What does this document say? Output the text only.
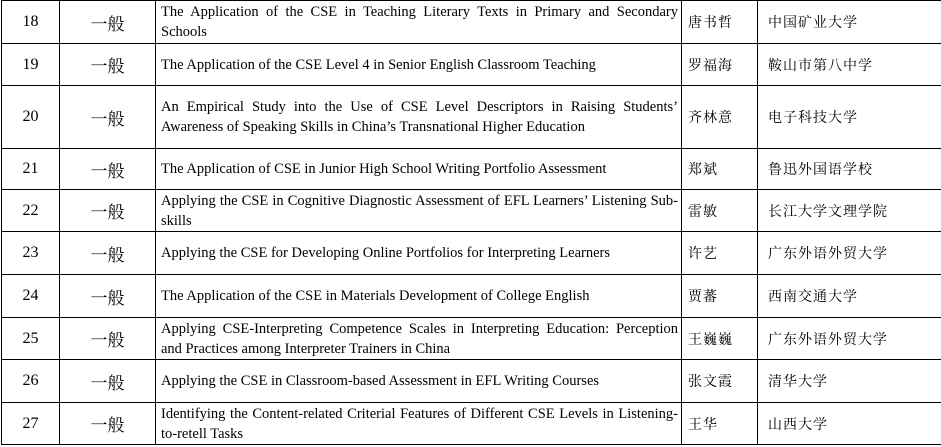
18	一般	The Application of the CSE in Teaching Literary Texts in Primary and Secondary Schools	唐书哲	中国矿业大学
19	一般	The Application of the CSE Level 4 in Senior English Classroom Teaching	罗福海	鞍山市第八中学
20	一般	An Empirical Study into the Use of CSE Level Descriptors in Raising Students’ Awareness of Speaking Skills in China’s Transnational Higher Education	齐林意	电子科技大学
21	一般	The Application of CSE in Junior High School Writing Portfolio Assessment	郑斌	鲁迅外国语学校
22	一般	Applying the CSE in Cognitive Diagnostic Assessment of EFL Learners’ Listening Sub-skills	雷敏	长江大学文理学院
23	一般	Applying the CSE for Developing Online Portfolios for Interpreting Learners	许艺	广东外语外贸大学
24	一般	The Application of the CSE in Materials Development of College English	贾蕃	西南交通大学
25	一般	Applying CSE-Interpreting Competence Scales in Interpreting Education: Perception and Practices among Interpreter Trainers in China	王巍巍	广东外语外贸大学
26	一般	Applying the CSE in Classroom-based Assessment in EFL Writing Courses	张文霞	清华大学
27	一般	Identifying the Content-related Criterial Features of Different CSE Levels in Listening-to-retell Tasks	王华	山西大学
